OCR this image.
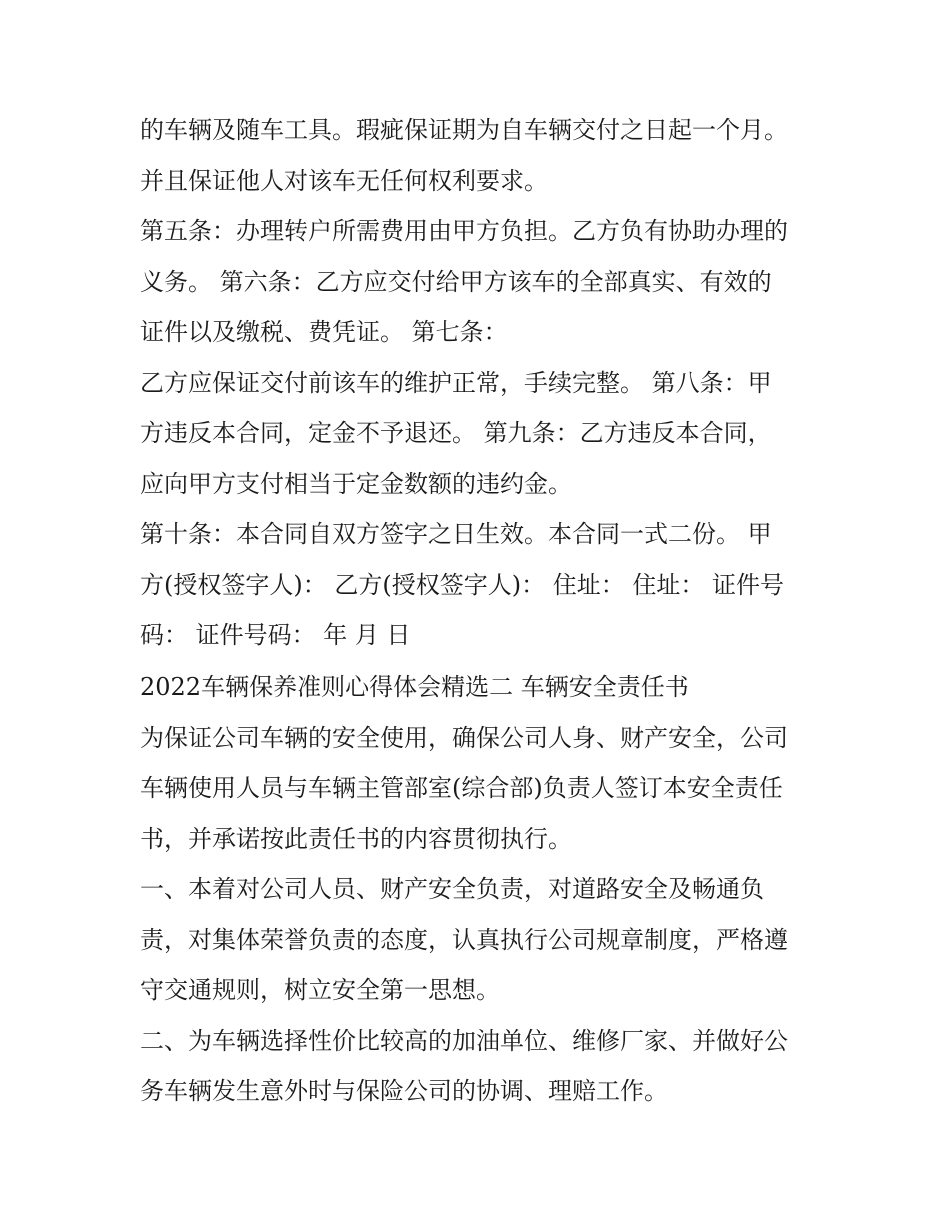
的车辆及随车工具。瑕疵保证期为自车辆交付之日起一个月。
并且保证他人对该车无任何权利要求。
第五条：办理转户所需费用由甲方负担。乙方负有协助办理的
义务。 第六条：乙方应交付给甲方该车的全部真实、有效的
证件以及缴税、费凭证。 第七条：
乙方应保证交付前该车的维护正常，手续完整。 第八条：甲
方违反本合同，定金不予退还。 第九条：乙方违反本合同，
应向甲方支付相当于定金数额的违约金。
第十条：本合同自双方签字之日生效。本合同一式二份。 甲
方(授权签字人)： 乙方(授权签字人)： 住址： 住址： 证件号
码： 证件号码： 年 月 日
2022车辆保养准则心得体会精选二 车辆安全责任书
为保证公司车辆的安全使用，确保公司人身、财产安全，公司
车辆使用人员与车辆主管部室(综合部)负责人签订本安全责任
书，并承诺按此责任书的内容贯彻执行。
一、本着对公司人员、财产安全负责，对道路安全及畅通负
责，对集体荣誉负责的态度，认真执行公司规章制度，严格遵
守交通规则，树立安全第一思想。
二、为车辆选择性价比较高的加油单位、维修厂家、并做好公
务车辆发生意外时与保险公司的协调、理赔工作。
